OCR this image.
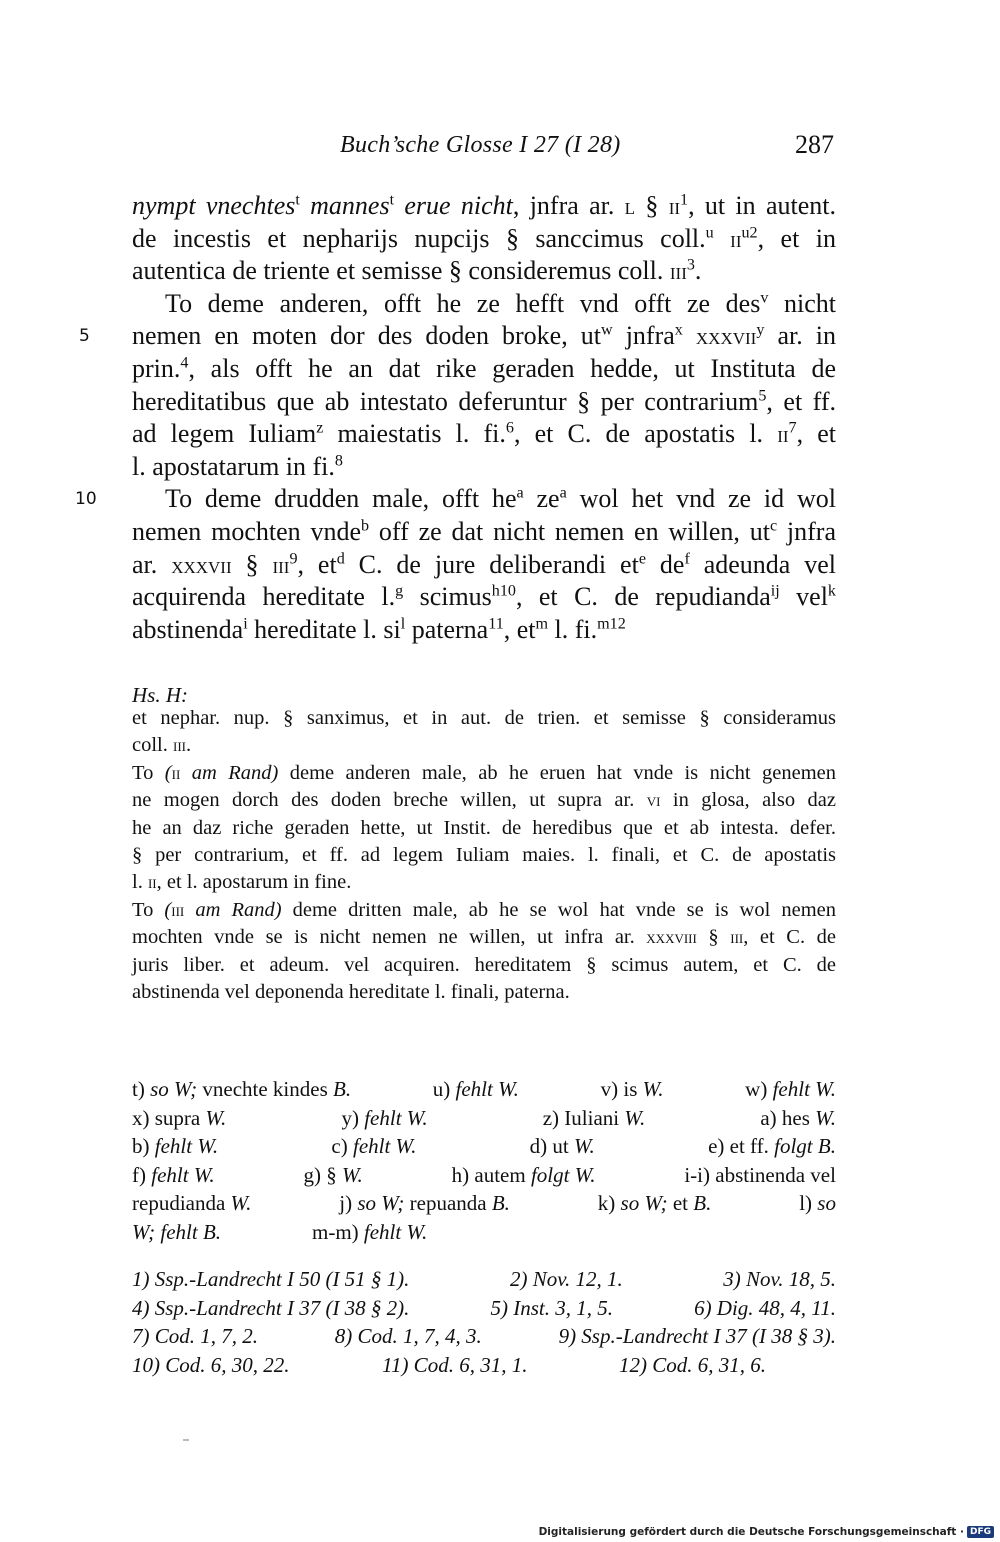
Buch’sche Glosse I 27 (I 28)	287
nympt vnechtes$^t$ mannes$^t$ erue nicht, jnfra ar. l § $ii^1$, ut in autent.
de incestis et nepharijs nupcijs § sanccimus coll.$^u$ $ii^{u2}$, et in
autentica de triente et semisse § consideremus coll. iii$^3$.
To deme anderen, offt he ze hefft vnd offt ze des$^v$ nicht
5 nemen en moten dor des doden broke, $ut^w$ jnfra$^x$ xxxvii$^y$ ar. in
prin.$^4$, als offt he an dat rike geraden hedde, ut Instituta de
hereditatibus que ab intestato deferuntur § per contrarium$^5$, et ff.
ad legem Iuliam$^z$ maiestatis l. fi.$^6$, et C. de apostatis l. $ii^7$, et
l. apostatarum in fi.$^8$
10	To deme drudden male, offt $he^a$ $ze^a$ wol het vnd ze id wol
nemen mochten vnde$^b$ off ze dat nicht nemen en willen, $ut^c$ jnfra
ar. xxxvii § iii$^9$, $et^d$ C. de jure deliberandi $et^e$ $de^f$ adeunda vel
acquirenda hereditate l.$^g$ scimus$^{h10}$, et C. de repudianda$^{ij}$ vel$^k$
abstinenda$^i$ hereditate l. $si^l$ paterna$^{11}$, $et^m$ l. fi.$^{m12}$
Hs. H:
et nephar. nup. § sanximus, et in aut. de trien. et semisse § consideramus
coll. iii.
To (ii am Rand) deme anderen male, ab he eruen hat vnde is nicht genemen
ne mogen dorch des doden breche willen, ut supra ar. vi in glosa, also daz
he an daz riche geraden hette, ut Instit. de heredibus que et ab intesta. defer.
§ per contrarium, et ff. ad legem Iuliam maies. l. finali, et C. de apostatis
l. ii, et l. apostarum in fine.
To (iii am Rand) deme dritten male, ab he se wol hat vnde se is wol nemen
mochten vnde se is nicht nemen ne willen, ut infra ar. xxxviii § iii, et C. de
juris liber. et adeum. vel acquiren. hereditatem § scimus autem, et C. de
abstinenda vel deponenda hereditate l. finali, paterna.
t) so W; vnechte kindes B.	u) fehlt W.	v) is W.	w) fehlt W.
x) supra W.	y) fehlt W.	z) Iuliani W.	a) hes W.
b) fehlt W.	c) fehlt W.	d) ut W.	e) et ff. folgt B.
f) fehlt W.	g) § W.	h) autem folgt W.	i-i) abstinenda vel
repudianda W.	j) so W; repuanda B.	k) so W; et B.	l) so
W; fehlt B.	m-m) fehlt W.
1) Ssp.-Landrecht I 50 (I 51 § 1).	2) Nov. 12, 1.	3) Nov. 18, 5.
4) Ssp.-Landrecht I 37 (I 38 § 2).	5) Inst. 3, 1, 5.	6) Dig. 48, 4, 11.
7) Cod. 1, 7, 2.	8) Cod. 1, 7, 4, 3.	9) Ssp.-Landrecht I 37 (I 38 § 3).
10) Cod. 6, 30, 22.	11) Cod. 6, 31, 1.	12) Cod. 6, 31, 6.
Digitalisierung gefördert durch die Deutsche Forschungsgemeinschaft · DFG
